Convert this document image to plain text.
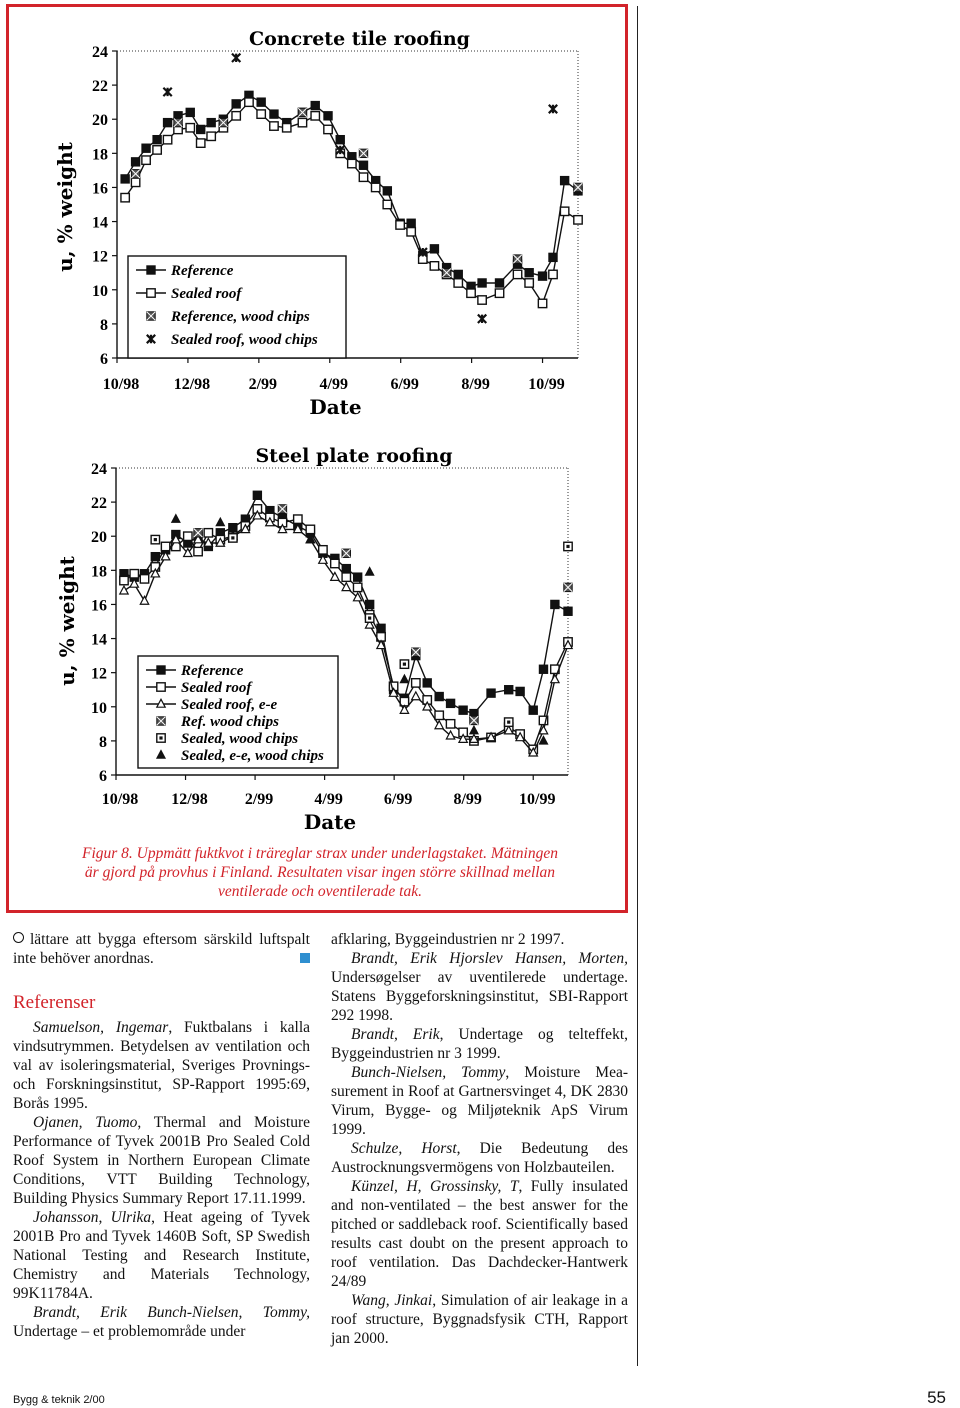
Concrete tile roofing
6
8
10
12
14
16
18
20
22
24
10/98 12/98 2/99	4/99	6/99	8/99 10/99
Date
u, % weight	Reference
Sealed roof
Reference, wood chips
Sealed roof, wood chips
Steel plate roofing
6
8
10
12
14
16
18
20
22
24
10/98 12/98 2/99	4/99	6/99	8/99 10/99
Date
u, % weight	Reference
Sealed roof
Sealed roof, e-e
Ref. wood chips
Sealed, wood chips
Sealed, e-e, wood chips
Figur 8. Uppmätt fuktkvot i träreglar strax under underlagstaket. Mätningen
är gjord på provhus i Finland. Resultaten visar ingen större skillnad mellan
ventilerade och oventilerade tak.

lättare att bygga eftersom särskild luftspalt inte behöver anordnas.

Referenser

Samuelson, Ingemar, Fuktbalans i kalla vindsutrymmen. Betydelsen av ventilation och val av isoleringsmaterial, Sveriges Provnings- och Forskningsinstitut, SP-Rapport 1995:69, Borås 1995.

Ojanen, Tuomo, Thermal and Moisture Performance of Tyvek 2001B Pro Sealed Cold Roof System in Northern European Climate Conditions, VTT Building Technology, Building Physics Summary Report 17.11.1999.

Johansson, Ulrika, Heat ageing of Tyvek 2001B Pro and Tyvek 1460B Soft, SP Swedish National Testing and Research Institute, Chemistry and Materials Technology, 99K11784A.

Brandt, Erik Bunch-Nielsen, Tommy, Undertage – et problemområde under

afklaring, Byggeindustrien nr 2 1997.

Brandt, Erik Hjorslev Hansen, Morten, Undersøgelser av uventilerede undertage. Statens Byggeforskningsinstitut, SBI-Rapport 292 1998.

Brandt, Erik, Undertage og telteffekt, Byggeindustrien nr 3 1999.

Bunch-Nielsen, Tommy, Moisture Measurement in Roof at Gartnersvinget 4, DK 2830 Virum, Bygge- og Miljøteknik ApS Virum 1999.

Schulze, Horst, Die Bedeutung des Austrocknungsvermögens von Holzbauteilen.

Künzel, H, Grossinsky, T, Fully insulated and non-ventilated – the best answer for the pitched or saddleback roof. Scientifically based results cast doubt on the present approach to roof ventilation. Das Dachdecker-Hantwerk 24/89

Wang, Jinkai, Simulation of air leakage in a roof structure, Byggnadsfysik CTH, Rapport jan 2000.

Bygg & teknik 2/00	55
